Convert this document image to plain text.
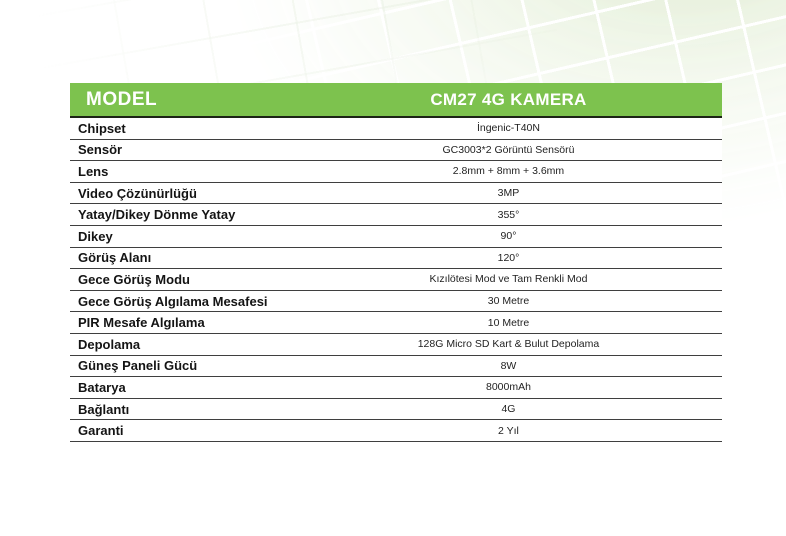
MODEL	CM27 4G KAMERA
Chipset	İngenic-T40N
Sensör	GC3003*2 Görüntü Sensörü
Lens	2.8mm + 8mm + 3.6mm
Video Çözünürlüğü	3MP
Yatay/Dikey Dönme Yatay	355°
Dikey	90°
Görüş Alanı	120°
Gece Görüş Modu	Kızılötesi Mod ve Tam Renkli Mod
Gece Görüş Algılama Mesafesi	30 Metre
PIR Mesafe Algılama	10 Metre
Depolama	128G Micro SD Kart & Bulut Depolama
Güneş Paneli Gücü	8W
Batarya	8000mAh
Bağlantı	4G
Garanti	2 Yıl
